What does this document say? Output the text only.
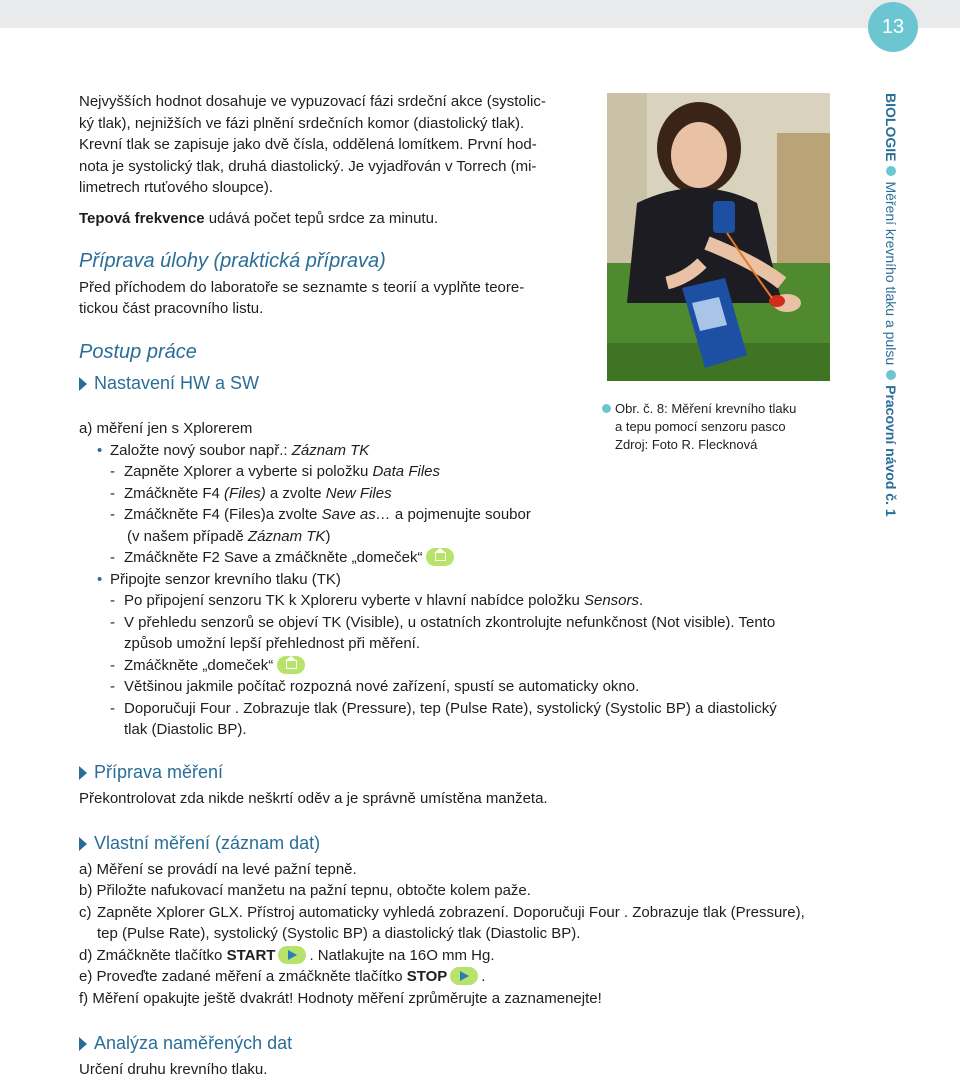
13
BIOLOGIEMěření krevního tlaku a pulsuPracovní návod č. 1

Nejvyšších hodnot dosahuje ve vypuzovací fázi srdeční akce (systolic-
ký tlak), nejnižších ve fázi plnění srdečních komor (diastolický tlak).
Krevní tlak se zapisuje jako dvě čísla, oddělená lomítkem. První hod-
nota je systolický tlak, druhá diastolický. Je vyjadřován v Torrech (mi-
limetrech rtuťového sloupce).

Tepová frekvence udává počet tepů srdce za minutu.

Příprava úlohy (praktická příprava)

Před příchodem do laboratoře se seznamte s teorií a vyplňte teore-
tickou část pracovního listu.

Postup práce

Nastavení HW a SW

Obr. č. 8: Měření krevního tlaku
a tepu pomocí senzoru pasco
Zdroj: Foto R. Flecknová
a) měření jen s Xplorerem
• Založte nový soubor např.: Záznam TK
- Zapněte Xplorer a vyberte si položku Data Files
- Zmáčkněte F4 (Files) a zvolte New Files
- Zmáčkněte F4 (Files)a zvolte Save as… a pojmenujte soubor
(v našem případě Záznam TK)
- Zmáčkněte F2 Save a zmáčkněte „domeček“
• Připojte senzor krevního tlaku (TK)
- Po připojení senzoru TK k Xploreru vyberte v hlavní nabídce položku Sensors.
- V přehledu senzorů se objeví TK (Visible), u ostatních zkontrolujte nefunkčnost (Not visible). Tento
způsob umožní lepší přehlednost při měření.
- Zmáčkněte „domeček“
- Většinou jakmile počítač rozpozná nové zařízení, spustí se automaticky okno.
- Doporučuji Four . Zobrazuje tlak (Pressure), tep (Pulse Rate), systolický (Systolic BP) a diastolický
tlak (Diastolic BP).

Příprava měření

Překontrolovat zda nikde neškrtí oděv a je správně umístěna manžeta.

Vlastní měření (záznam dat)

a) Měření se provádí na levé pažní tepně.
b) Přiložte nafukovací manžetu na pažní tepnu, obtočte kolem paže.
c) Zapněte Xplorer GLX. Přístroj automaticky vyhledá zobrazení. Doporučuji Four . Zobrazuje tlak (Pressure),
tep (Pulse Rate), systolický (Systolic BP) a diastolický tlak (Diastolic BP).
d) Zmáčkněte tlačítko START . Natlakujte na 16O mm Hg.
e) Proveďte zadané měření a zmáčkněte tlačítko STOP .
f) Měření opakujte ještě dvakrát! Hodnoty měření zprůměrujte a zaznamenejte!

Analýza naměřených dat

Určení druhu krevního tlaku.
